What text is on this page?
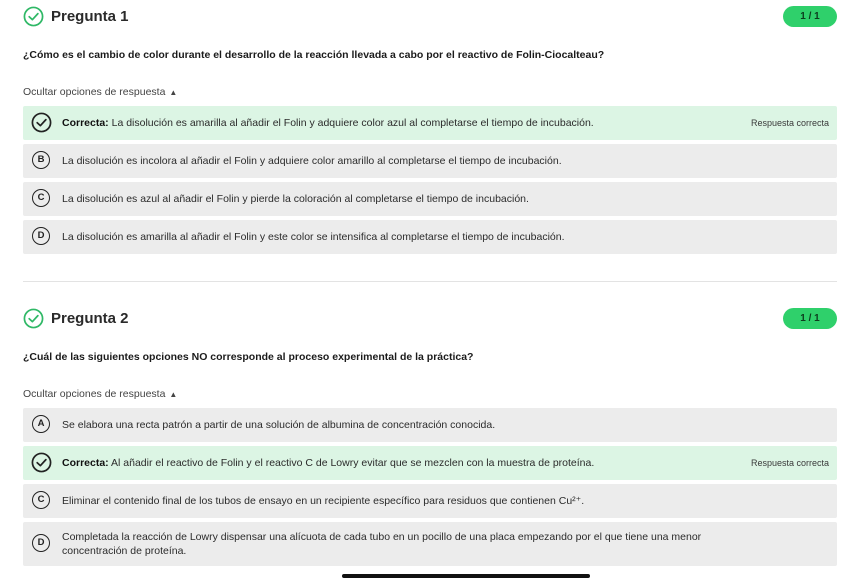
Pregunta 1	1 / 1
¿Cómo es el cambio de color durante el desarrollo de la reacción llevada a cabo por el reactivo de Folin-Ciocalteau?
Ocultar opciones de respuesta ▲
Correcta: La disolución es amarilla al añadir el Folin y adquiere color azul al completarse el tiempo de incubación.	Respuesta correcta
B	La disolución es incolora al añadir el Folin y adquiere color amarillo al completarse el tiempo de incubación.
C	La disolución es azul al añadir el Folin y pierde la coloración al completarse el tiempo de incubación.
D	La disolución es amarilla al añadir el Folin y este color se intensifica al completarse el tiempo de incubación.
Pregunta 2	1 / 1
¿Cuál de las siguientes opciones NO corresponde al proceso experimental de la práctica?
Ocultar opciones de respuesta ▲
A	Se elabora una recta patrón a partir de una solución de albumina de concentración conocida.
Correcta: Al añadir el reactivo de Folin y el reactivo C de Lowry evitar que se mezclen con la muestra de proteína.	Respuesta correcta
C	Eliminar el contenido final de los tubos de ensayo en un recipiente específico para residuos que contienen Cu²⁺.
D	Completada la reacción de Lowry dispensar una alícuota de cada tubo en un pocillo de una placa empezando por el que tiene una menor concentración de proteína.
